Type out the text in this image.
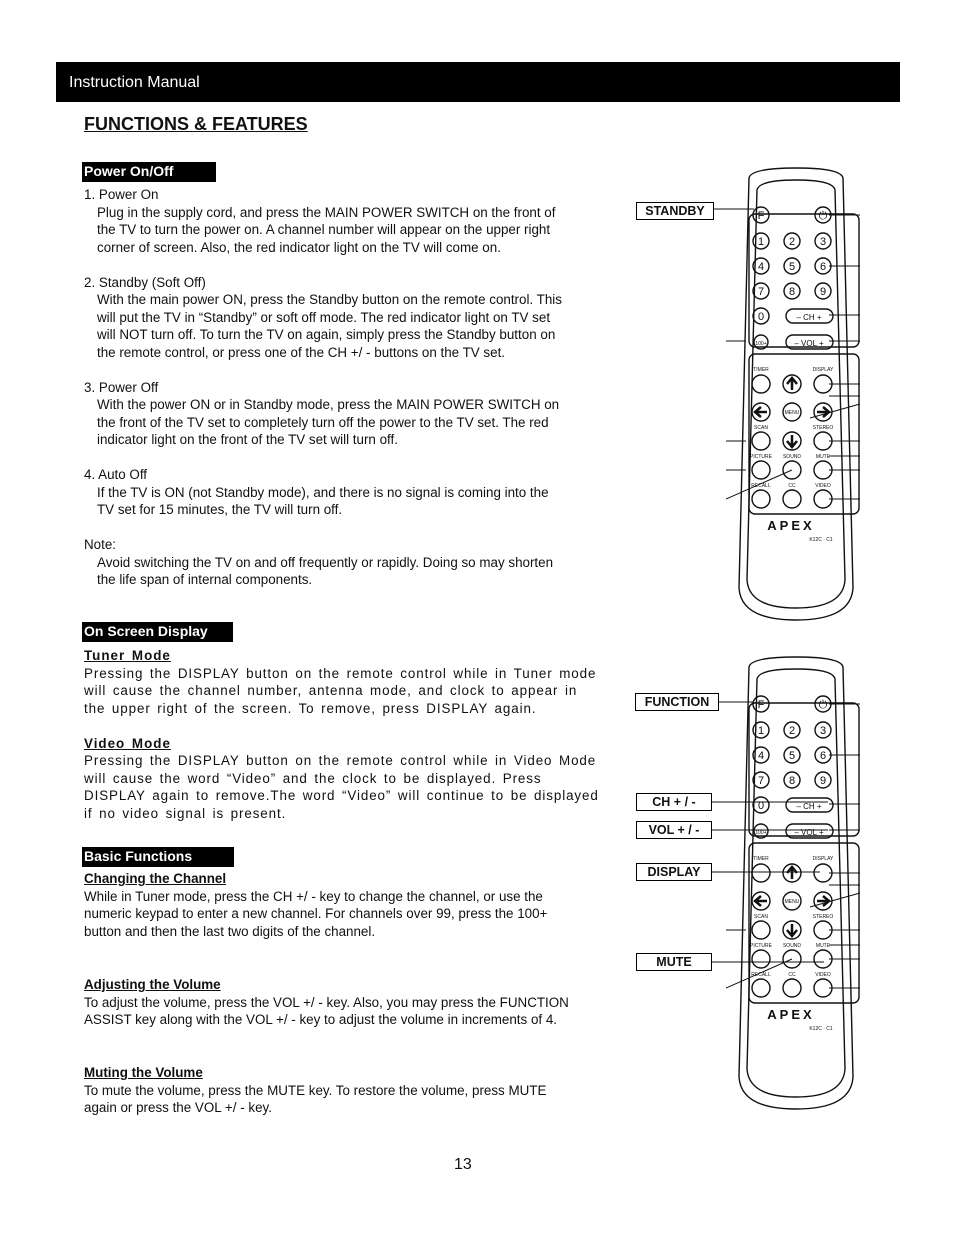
Instruction Manual
FUNCTIONS & FEATURES
Power On/Off
1. Power On
Plug in the supply cord, and press the MAIN POWER SWITCH on the front of
the TV to turn the power on. A channel number will appear on the upper right
corner of screen. Also, the red indicator light on the TV will come on.
2. Standby (Soft Off)
With the main power ON, press the Standby button on the remote control. This
will put the TV in “Standby” or soft off mode. The red indicator light on TV set
will NOT turn off. To turn the TV on again, simply press the Standby button on
the remote control, or press one of the CH +/ - buttons on the TV set.
3. Power Off
With the power ON or in Standby mode, press the MAIN POWER SWITCH on
the front of the TV set to completely turn off the power to the TV set. The red
indicator light on the front of the TV set will turn off.
4. Auto Off
If the TV is ON (not Standby mode), and there is no signal is coming into the
TV set for 15 minutes, the TV will turn off.
Note:
Avoid switching the TV on and off frequently or rapidly. Doing so may shorten
the life span of internal components.
On Screen Display
Tuner Mode
Pressing the DISPLAY button on the remote control while in Tuner mode
will cause the channel number, antenna mode, and clock to appear in
the upper right of the screen. To remove, press DISPLAY again.
Video Mode
Pressing the DISPLAY button on the remote control while in Video Mode
will cause the word “Video” and the clock to be displayed. Press
DISPLAY again to remove.The word “Video” will continue to be displayed
if no video signal is present.
Basic Functions
Changing the Channel
While in Tuner mode, press the CH +/ - key to change the channel, or use the
numeric keypad to enter a new channel. For channels over 99, press the 100+
button and then the last two digits of the channel.
Adjusting the Volume
To adjust the volume, press the VOL +/ - key. Also, you may press the FUNCTION
ASSIST key along with the VOL +/ - key to adjust the volume in increments of 4.
Muting the Volume
To mute the volume, press the MUTE key. To restore the volume, press MUTE
again or press the VOL +/ - key.
13
STANDBY
FUNCTION
CH + / -
VOL + / -
DISPLAY
MUTE
